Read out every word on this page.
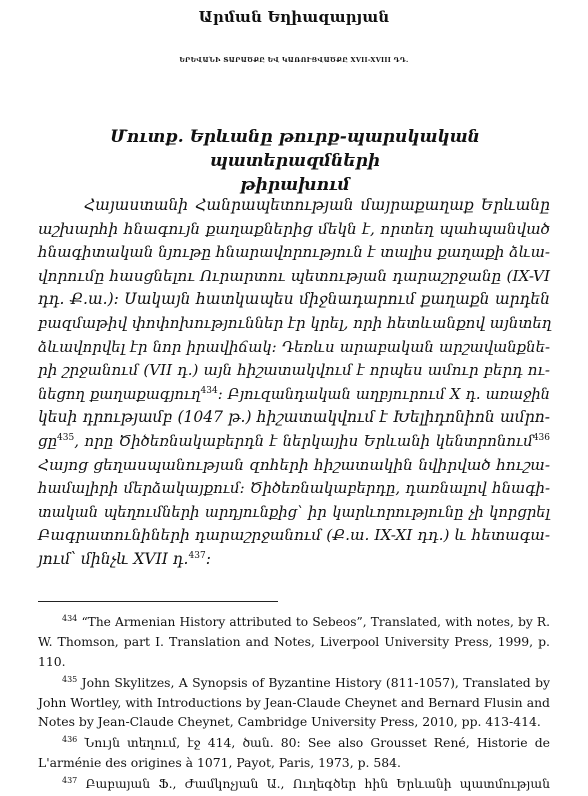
Արման Եղիազարյան
ԵՐԵՎԱՆԻ ՏԱՐԱԾՔԸ ԵՎ ԿԱՌՈՒՑՎԱԾՔԸ XVII-XVIII ԴԴ.
Մուտք. Երևանը թուրք-պարսկական պատերազմների
թիրախում
Հայաստանի Հանրապետության մայրաքաղաք Երևանը
աշխարհի հնագույն քաղաքներից մեկն է, որտեղ պահպանված
հնագիտական նյութը հնարավորություն է տալիս քաղաքի ձևա-
վորումը հասցնելու Ուրարտու պետության դարաշրջանը (IX-VI
դդ. Ք.ա.): Սակայն հատկապես միջնադարում քաղաքն արդեն
բազմաթիվ փոփոխություններ էր կրել, որի հետևանքով այնտեղ
ձևավորվել էր նոր իրավիճակ: Դեռևս արաբական արշավանքնե-
րի շրջանում (VII դ.) այն հիշատակվում է որպես ամուր բերդ ու-
նեցող քաղաքագյուղ$^{434}$: Բյուզանդական աղբյուրում X դ. առաջին
կեսի դրությամբ (1047 թ.) հիշատակվում է Խելիդոնիոն ամրո-
ցը$^{435}$, որը Ծիծեռնակաբերդն է ներկայիս Երևանի կենտրոնում$^{436}$
Հայոց ցեղասպանության զոհերի հիշատակին նվիրված հուշա-
համալիրի մերձակայքում: Ծիծեռնակաբերդը, դառնալով հնագի-
տական պեղումների արդյունքից՝ իր կարևորությունը չի կորցրել
Բագրատունիների դարաշրջանում (Ք.ա. IX-XI դդ.) և հետագա-
յում՝ մինչև XVII դ.$^{437}$:
$^{434}$ “The Armenian History attributed to Sebeos”, Translated, with notes, by R.
W. Thomson, part I. Translation and Notes, Liverpool University Press, 1999, p.
110.
$^{435}$ John Skylitzes, A Synopsis of Byzantine History (811-1057), Translated by
John Wortley, with Introductions by Jean-Claude Cheynet and Bernard Flusin and
Notes by Jean-Claude Cheynet, Cambridge University Press, 2010, pp. 413-414.
$^{436}$ Նույն տեղում, էջ 414, ծան. 80: See also Grousset René, Historie de
L'arménie des origines à 1071, Payot, Paris, 1973, p. 584.
$^{437}$ Բաբայան Ֆ., Ժամկոչյան Ա., Ուղեգծեր հին Երևանի պատմության
